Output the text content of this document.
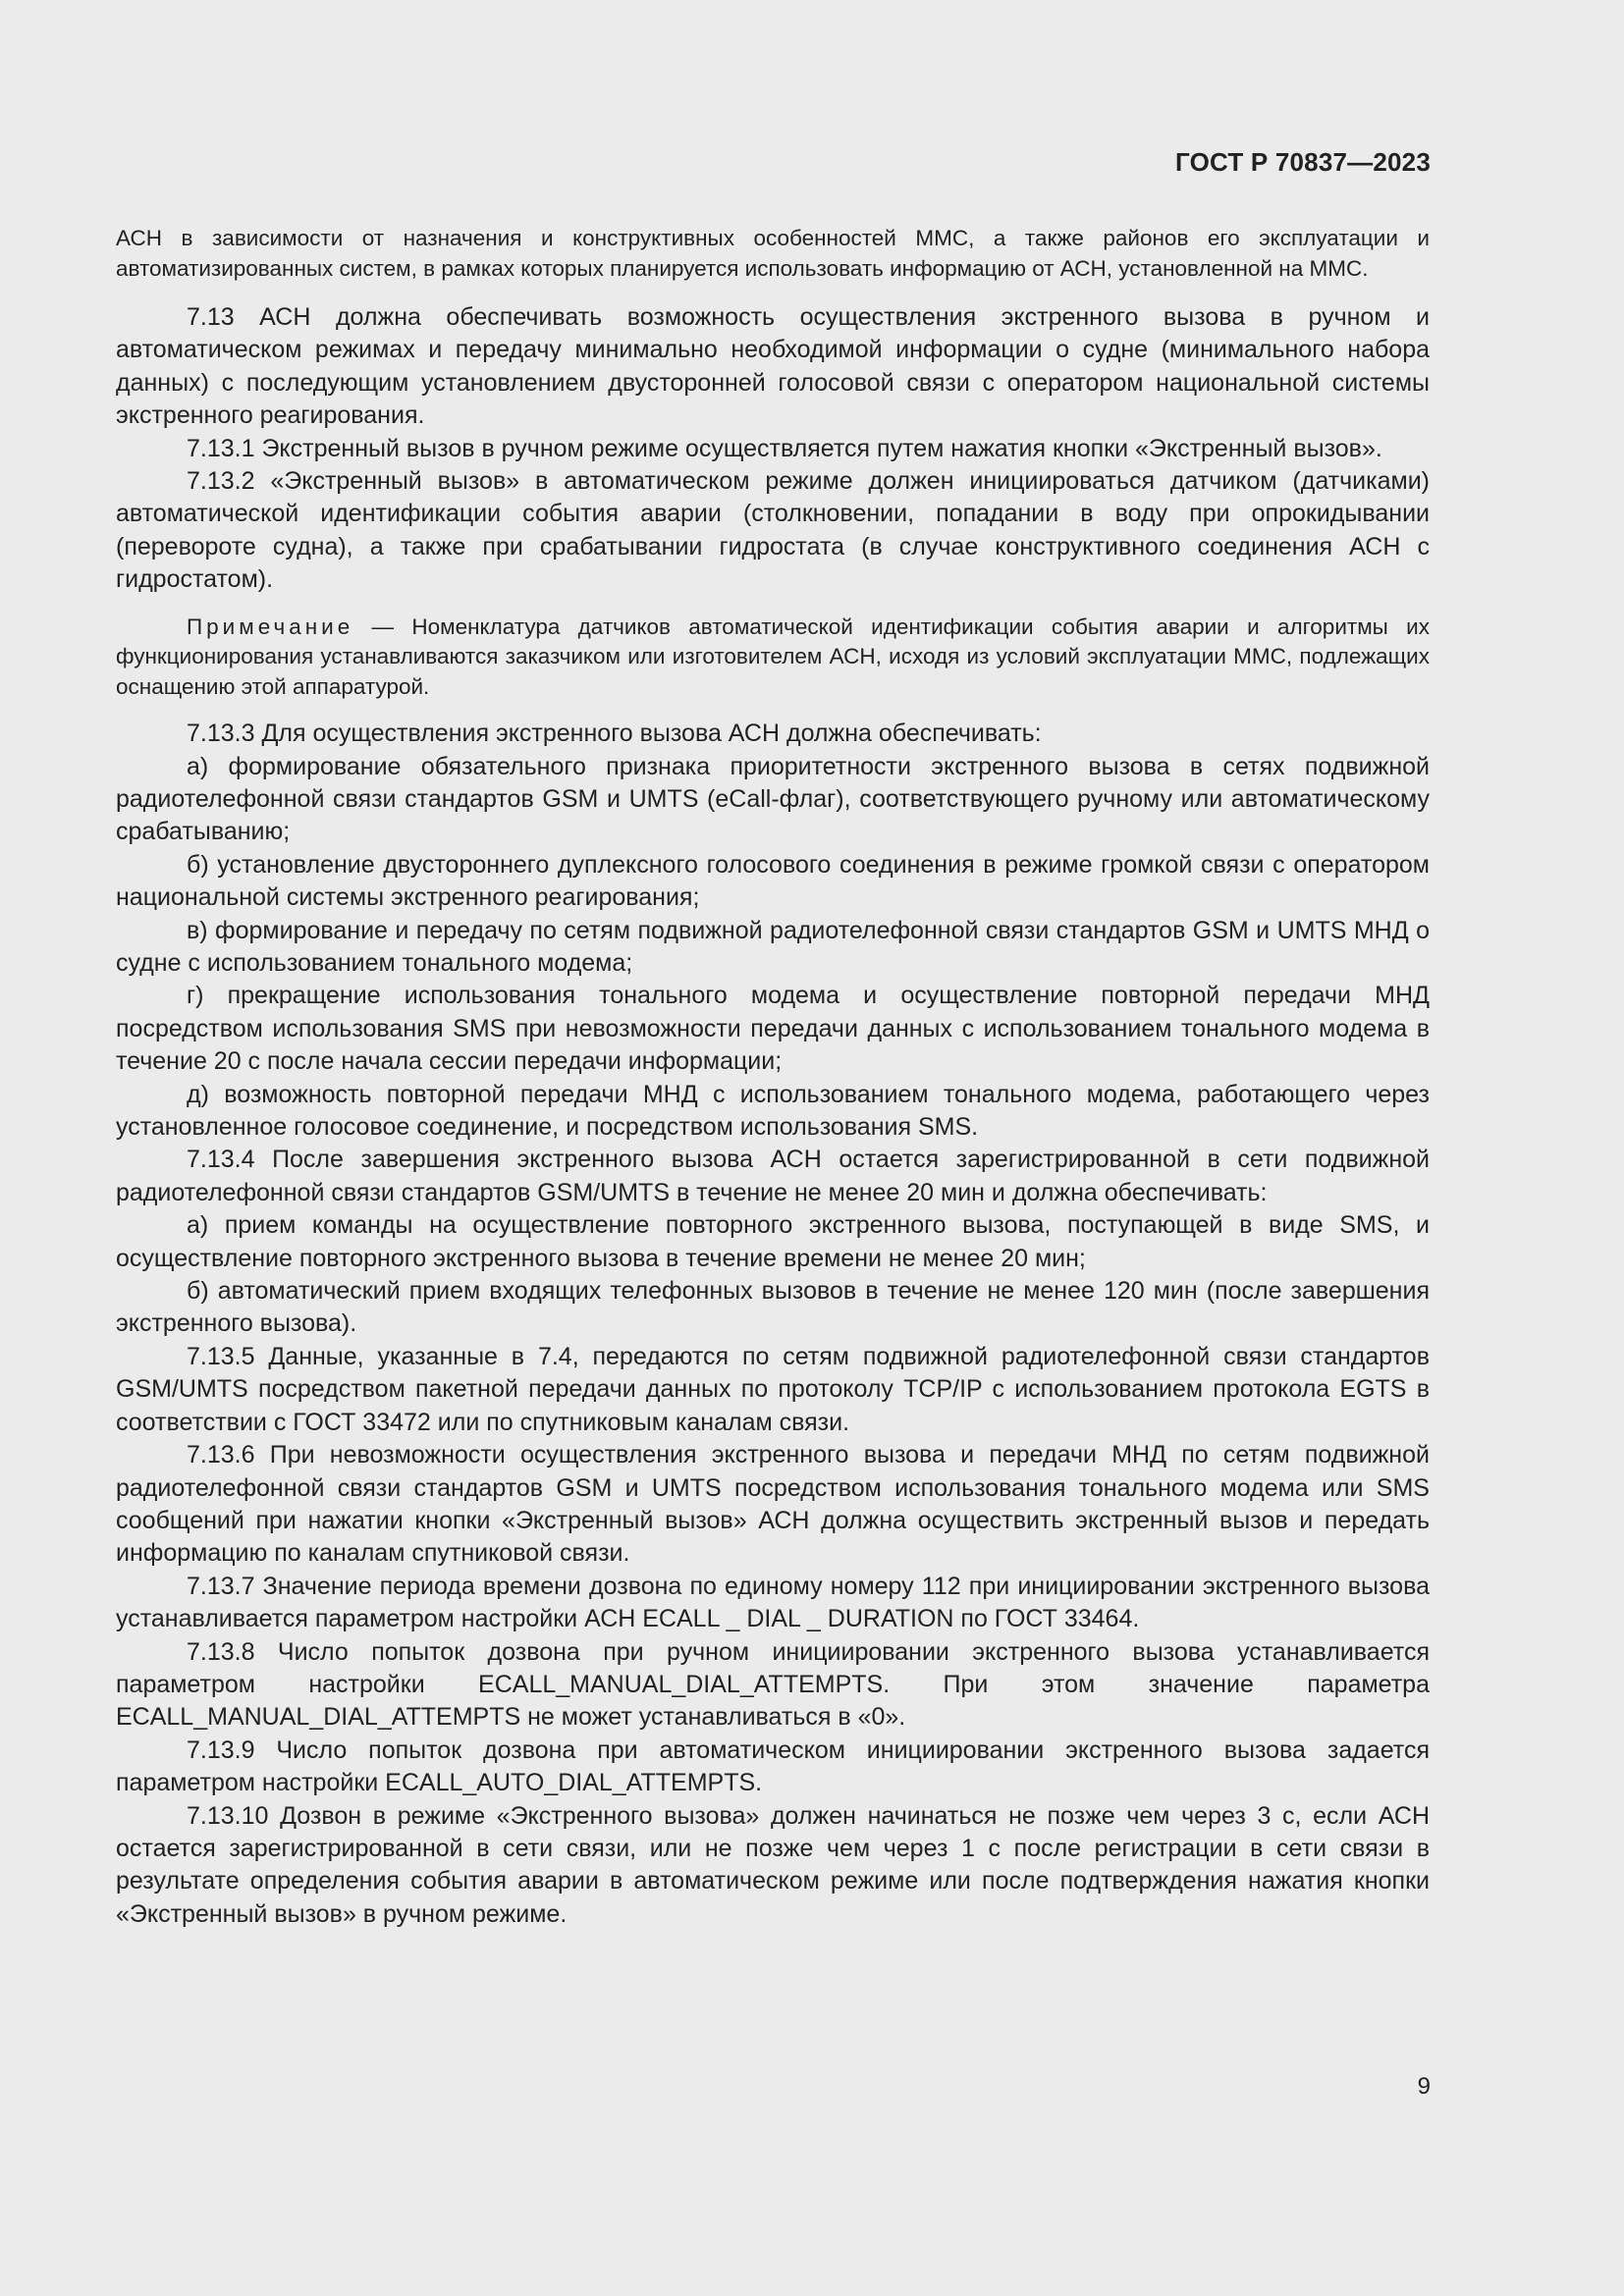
ГОСТ Р 70837—2023

АСН в зависимости от назначения и конструктивных особенностей ММС, а также районов его эксплуатации и автоматизированных систем, в рамках которых планируется использовать информацию от АСН, установленной на ММС.

7.13 АСН должна обеспечивать возможность осуществления экстренного вызова в ручном и автоматическом режимах и передачу минимально необходимой информации о судне (минимального набора данных) с последующим установлением двусторонней голосовой связи с оператором национальной системы экстренного реагирования.

7.13.1 Экстренный вызов в ручном режиме осуществляется путем нажатия кнопки «Экстренный вызов».

7.13.2 «Экстренный вызов» в автоматическом режиме должен инициироваться датчиком (датчиками) автоматической идентификации события аварии (столкновении, попадании в воду при опрокидывании (перевороте судна), а также при срабатывании гидростата (в случае конструктивного соединения АСН с гидростатом).

Примечание — Номенклатура датчиков автоматической идентификации события аварии и алгоритмы их функционирования устанавливаются заказчиком или изготовителем АСН, исходя из условий эксплуатации ММС, подлежащих оснащению этой аппаратурой.

7.13.3 Для осуществления экстренного вызова АСН должна обеспечивать:

а) формирование обязательного признака приоритетности экстренного вызова в сетях подвижной радиотелефонной связи стандартов GSM и UMTS (eCall-флаг), соответствующего ручному или автоматическому срабатыванию;

б) установление двустороннего дуплексного голосового соединения в режиме громкой связи с оператором национальной системы экстренного реагирования;

в) формирование и передачу по сетям подвижной радиотелефонной связи стандартов GSM и UMTS МНД о судне с использованием тонального модема;

г) прекращение использования тонального модема и осуществление повторной передачи МНД посредством использования SMS при невозможности передачи данных с использованием тонального модема в течение 20 с после начала сессии передачи информации;

д) возможность повторной передачи МНД с использованием тонального модема, работающего через установленное голосовое соединение, и посредством использования SMS.

7.13.4 После завершения экстренного вызова АСН остается зарегистрированной в сети подвижной радиотелефонной связи стандартов GSM/UMTS в течение не менее 20 мин и должна обеспечивать:

а) прием команды на осуществление повторного экстренного вызова, поступающей в виде SMS, и осуществление повторного экстренного вызова в течение времени не менее 20 мин;

б) автоматический прием входящих телефонных вызовов в течение не менее 120 мин (после завершения экстренного вызова).

7.13.5 Данные, указанные в 7.4, передаются по сетям подвижной радиотелефонной связи стандартов GSM/UMTS посредством пакетной передачи данных по протоколу TCP/IP с использованием протокола EGTS в соответствии с ГОСТ 33472 или по спутниковым каналам связи.

7.13.6 При невозможности осуществления экстренного вызова и передачи МНД по сетям подвижной радиотелефонной связи стандартов GSM и UMTS посредством использования тонального модема или SMS сообщений при нажатии кнопки «Экстренный вызов» АСН должна осуществить экстренный вызов и передать информацию по каналам спутниковой связи.

7.13.7 Значение периода времени дозвона по единому номеру 112 при инициировании экстренного вызова устанавливается параметром настройки АСН ECALL _ DIAL _ DURATION по ГОСТ 33464.

7.13.8 Число попыток дозвона при ручном инициировании экстренного вызова устанавливается параметром настройки ECALL_MANUAL_DIAL_ATTEMPTS. При этом значение параметра ECALL_MANUAL_DIAL_ATTEMPTS не может устанавливаться в «0».

7.13.9 Число попыток дозвона при автоматическом инициировании экстренного вызова задается параметром настройки ECALL_AUTO_DIAL_ATTEMPTS.

7.13.10 Дозвон в режиме «Экстренного вызова» должен начинаться не позже чем через 3 с, если АСН остается зарегистрированной в сети связи, или не позже чем через 1 с после регистрации в сети связи в результате определения события аварии в автоматическом режиме или после подтверждения нажатия кнопки «Экстренный вызов» в ручном режиме.

9
